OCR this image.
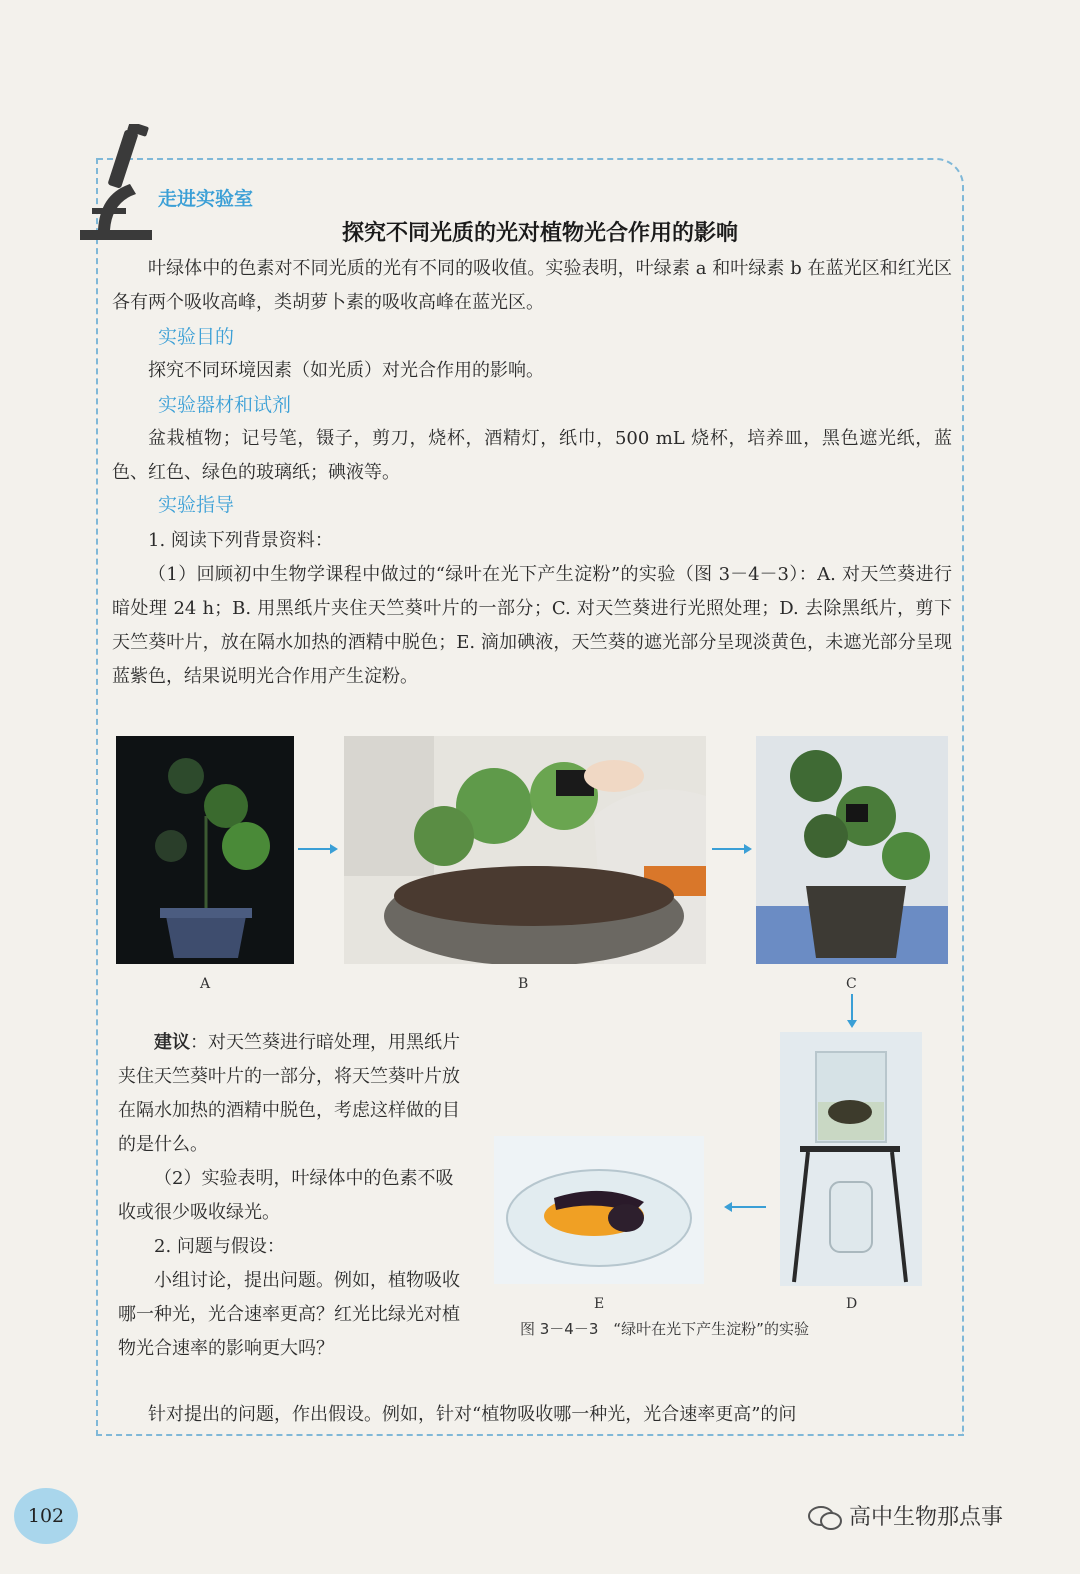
走进实验室
探究不同光质的光对植物光合作用的影响
叶绿体中的色素对不同光质的光有不同的吸收值。实验表明，叶绿素 a 和叶绿素 b 在蓝光区和红光区各有两个吸收高峰，类胡萝卜素的吸收高峰在蓝光区。
实验目的
探究不同环境因素（如光质）对光合作用的影响。
实验器材和试剂
盆栽植物；记号笔，镊子，剪刀，烧杯，酒精灯，纸巾，500 mL 烧杯，培养皿，黑色遮光纸，蓝色、红色、绿色的玻璃纸；碘液等。
实验指导
1. 阅读下列背景资料：
（1）回顾初中生物学课程中做过的“绿叶在光下产生淀粉”的实验（图 3－4－3）：A. 对天竺葵进行暗处理 24 h；B. 用黑纸片夹住天竺葵叶片的一部分；C. 对天竺葵进行光照处理；D. 去除黑纸片，剪下天竺葵叶片，放在隔水加热的酒精中脱色；E. 滴加碘液，天竺葵的遮光部分呈现淡黄色，未遮光部分呈现蓝紫色，结果说明光合作用产生淀粉。
A	B	C
D
E
建议：对天竺葵进行暗处理，用黑纸片夹住天竺葵叶片的一部分，将天竺葵叶片放在隔水加热的酒精中脱色，考虑这样做的目的是什么。
（2）实验表明，叶绿体中的色素不吸收或很少吸收绿光。
2. 问题与假设：
小组讨论，提出问题。例如，植物吸收哪一种光，光合速率更高？红光比绿光对植物光合速率的影响更大吗？
图 3－4－3　“绿叶在光下产生淀粉”的实验
针对提出的问题，作出假设。例如，针对“植物吸收哪一种光，光合速率更高”的问
102	高中生物那点事
